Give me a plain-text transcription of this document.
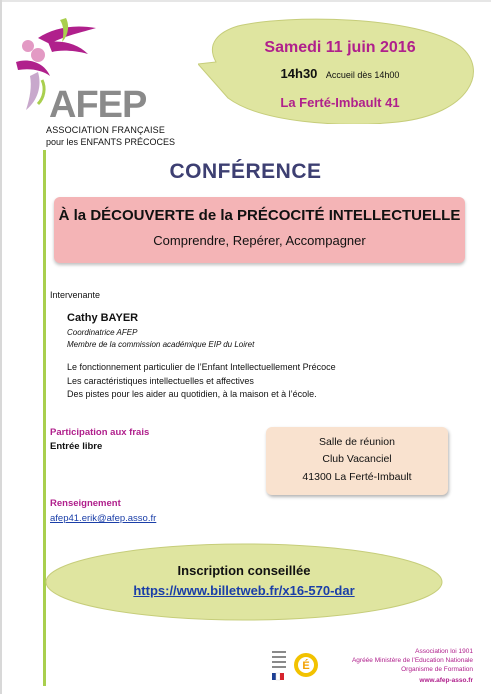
AFEP
ASSOCIATION FRANÇAISE
pour les ENFANTS PRÉCOCES
Samedi 11 juin 2016
14h30 Accueil dès 14h00
La Ferté-Imbault 41
CONFÉRENCE
À la DÉCOUVERTE de la PRÉCOCITÉ INTELLECTUELLE
Comprendre, Repérer, Accompagner
Intervenante
Cathy BAYER
Coordinatrice AFEP
Membre de la commission académique EIP du Loiret
Le fonctionnement particulier de l’Enfant Intellectuellement Précoce
Les caractéristiques intellectuelles et affectives
Des pistes pour les aider au quotidien, à la maison et à l’école.
Participation aux frais
Entrée libre	Salle de réunion
Club Vacanciel
41300 La Ferté-Imbault
Renseignement
afep41.erik@afep.asso.fr
Inscription conseillée
https://www.billetweb.fr/x16-570-dar
É
Association loi 1901
Agréée Ministère de l’Education Nationale
Organisme de Formation
www.afep-asso.fr
